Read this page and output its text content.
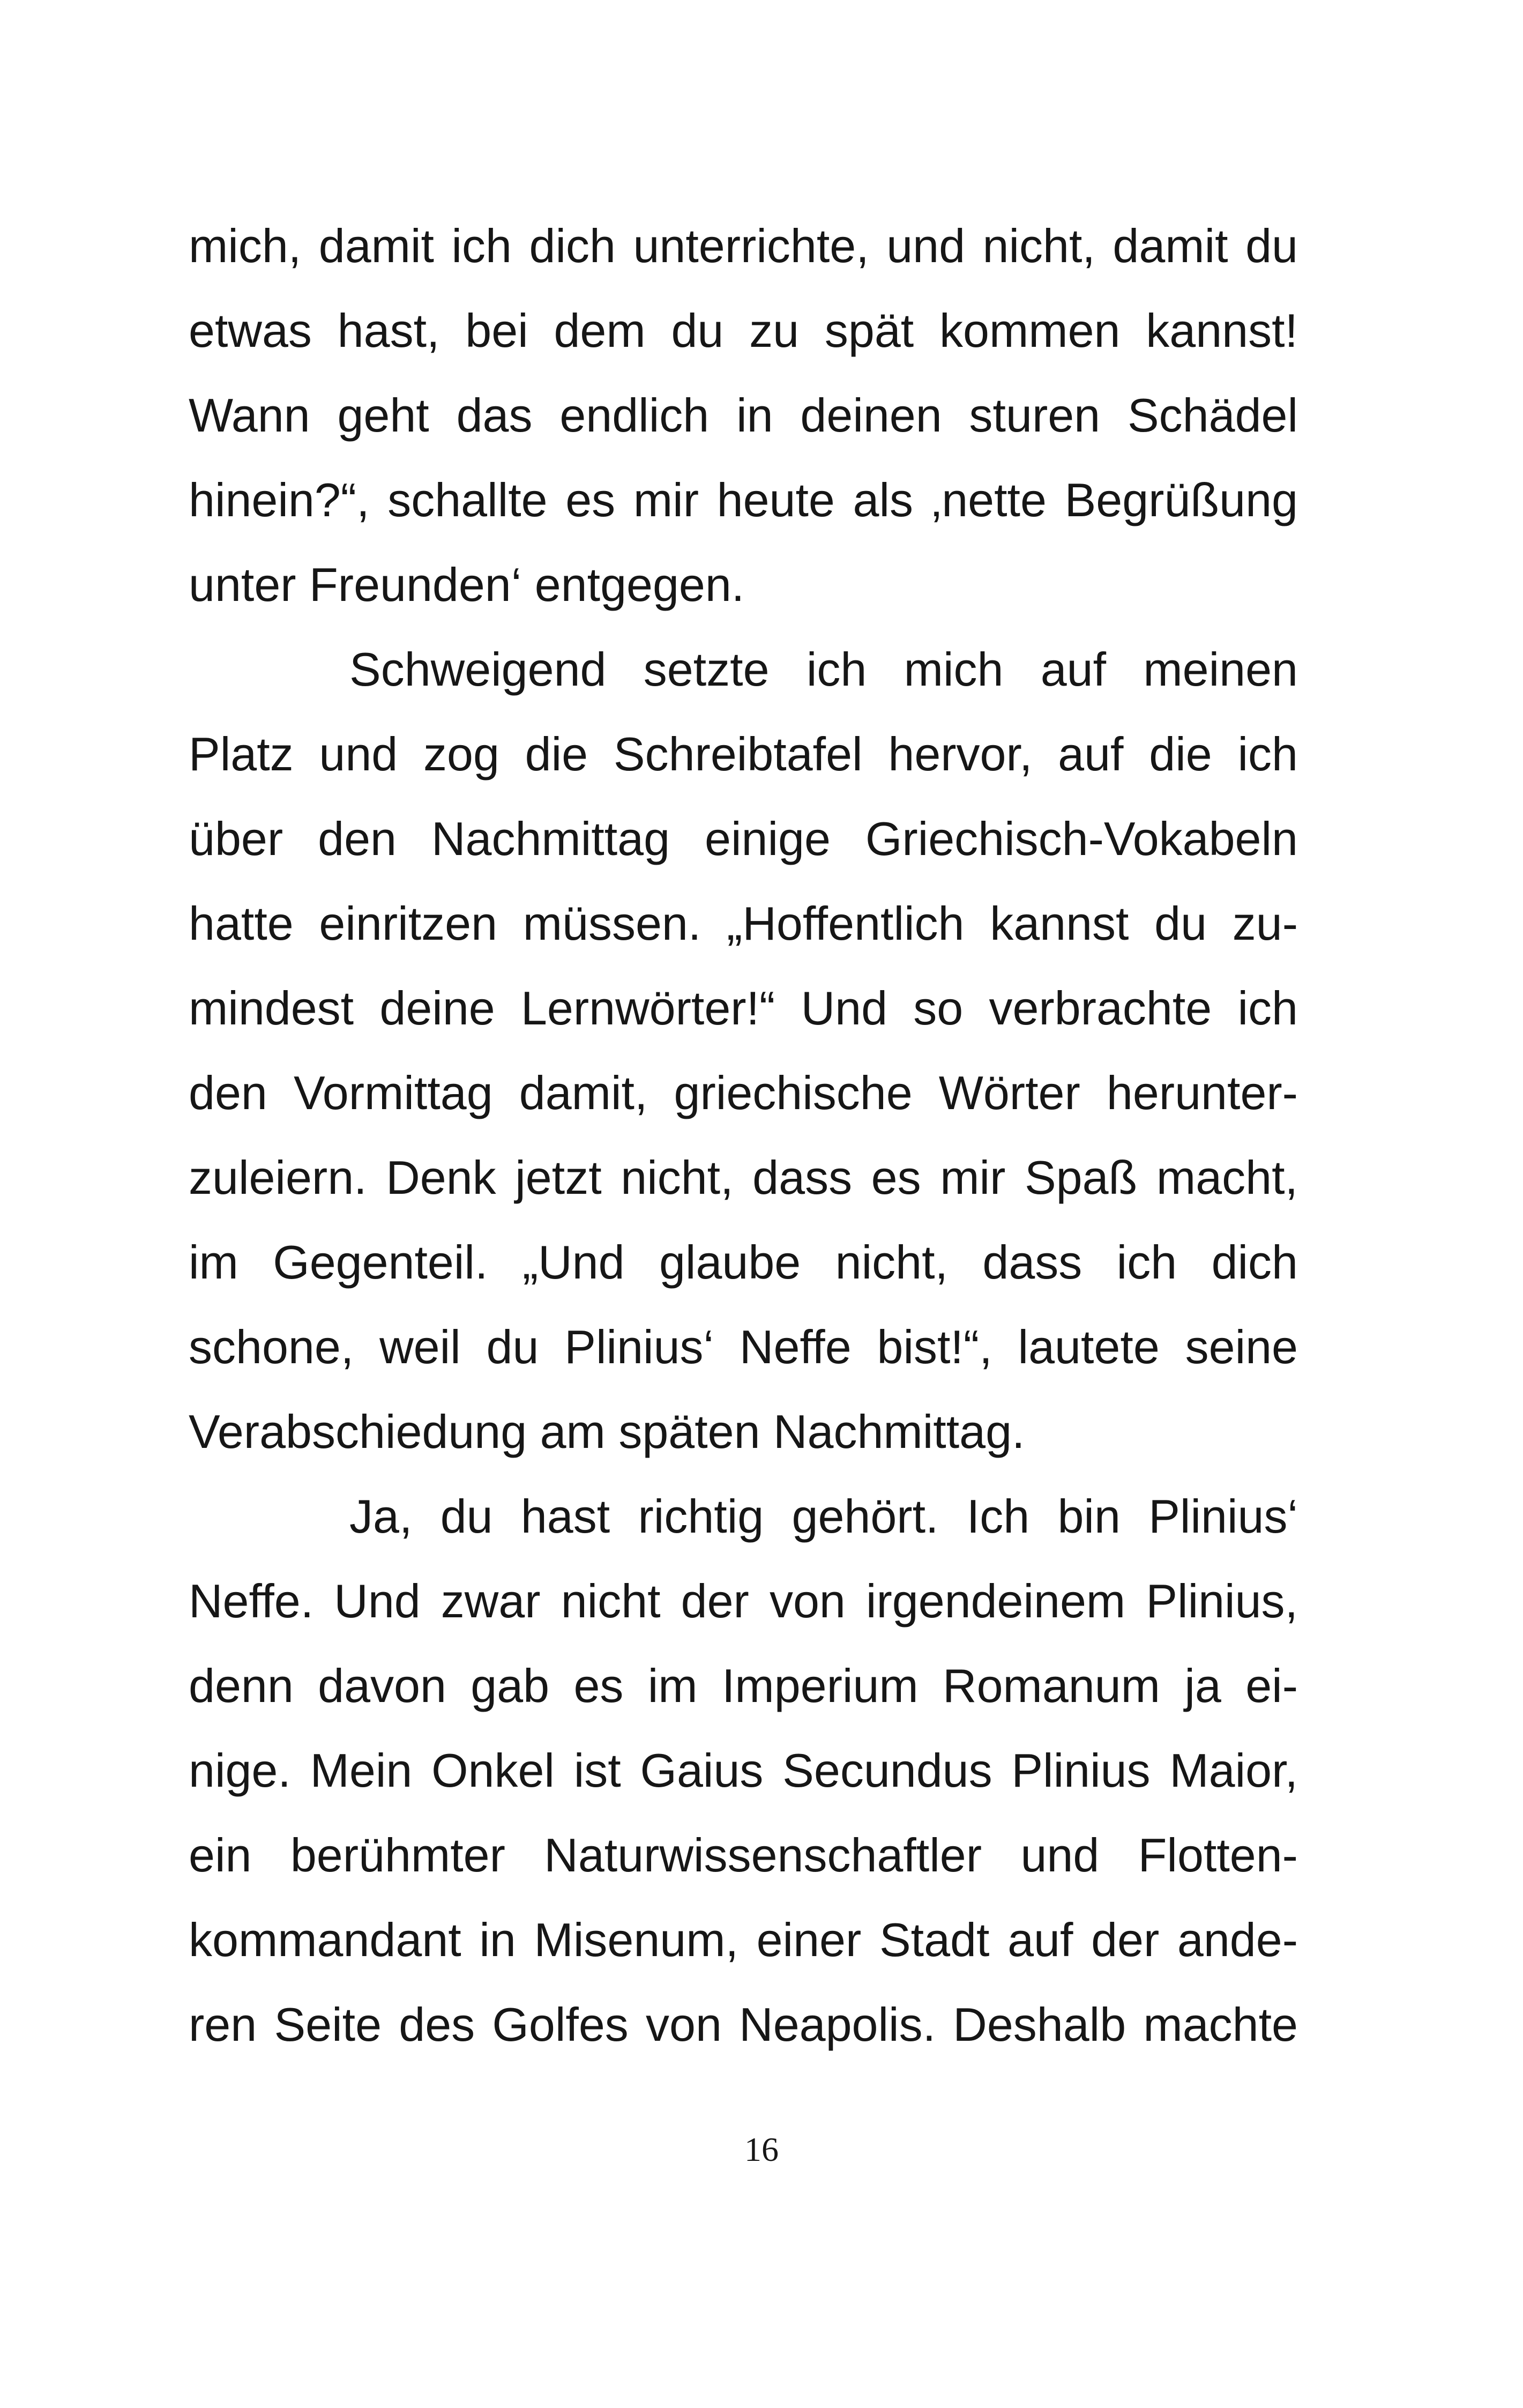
mich, damit ich dich unterrichte, und nicht, damit du
etwas hast, bei dem du zu spät kommen kannst!
Wann geht das endlich in deinen sturen Schädel
hinein?“, schallte es mir heute als ‚nette Begrüßung
unter Freunden‘ entgegen.
Schweigend setzte ich mich auf meinen
Platz und zog die Schreibtafel hervor, auf die ich
über den Nachmittag einige Griechisch-Vokabeln
hatte einritzen müssen. „Hoffentlich kannst du zu-
mindest deine Lernwörter!“ Und so verbrachte ich
den Vormittag damit, griechische Wörter herunter-
zuleiern. Denk jetzt nicht, dass es mir Spaß macht,
im Gegenteil. „Und glaube nicht, dass ich dich
schone, weil du Plinius‘ Neffe bist!“, lautete seine
Verabschiedung am späten Nachmittag.
Ja, du hast richtig gehört. Ich bin Plinius‘
Neffe. Und zwar nicht der von irgendeinem Plinius,
denn davon gab es im Imperium Romanum ja ei-
nige. Mein Onkel ist Gaius Secundus Plinius Maior,
ein berühmter Naturwissenschaftler und Flotten-
kommandant in Misenum, einer Stadt auf der ande-
ren Seite des Golfes von Neapolis. Deshalb machte
16
